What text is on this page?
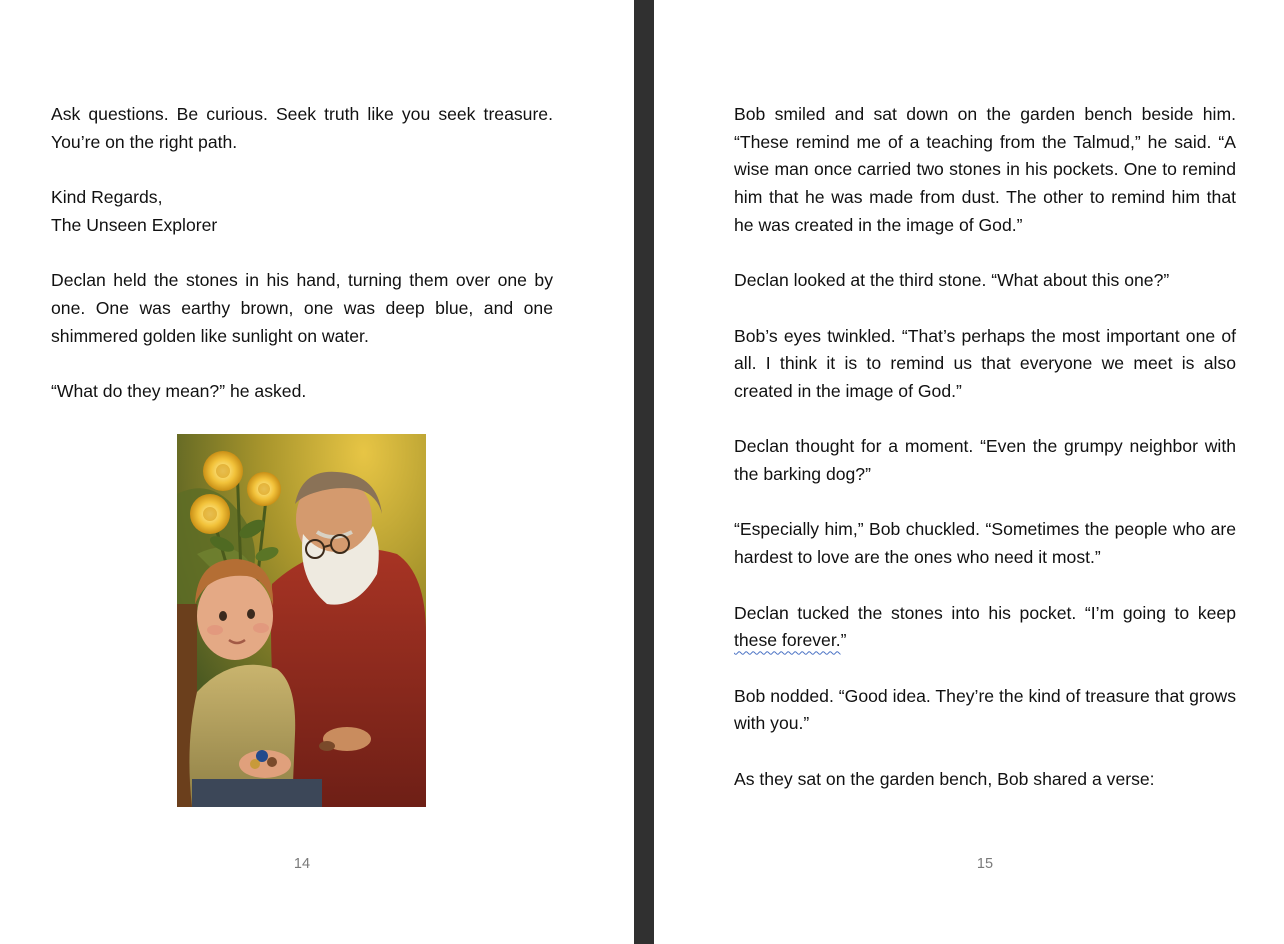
Ask questions. Be curious. Seek truth like you seek treasure. You’re on the right path.

Kind Regards,
The Unseen Explorer

Declan held the stones in his hand, turning them over one by one. One was earthy brown, one was deep blue, and one shimmered golden like sunlight on water.

“What do they mean?” he asked.

14

Bob smiled and sat down on the garden bench beside him. “These remind me of a teaching from the Talmud,” he said. “A wise man once carried two stones in his pockets. One to remind him that he was made from dust. The other to remind him that he was created in the image of God.”

Declan looked at the third stone. “What about this one?”

Bob’s eyes twinkled. “That’s perhaps the most important one of all. I think it is to remind us that everyone we meet is also created in the image of God.”

Declan thought for a moment. “Even the grumpy neighbor with the barking dog?”

“Especially him,” Bob chuckled. “Sometimes the people who are hardest to love are the ones who need it most.”

Declan tucked the stones into his pocket. “I’m going to keep these forever.”

Bob nodded. “Good idea. They’re the kind of treasure that grows with you.”

As they sat on the garden bench, Bob shared a verse:

15
